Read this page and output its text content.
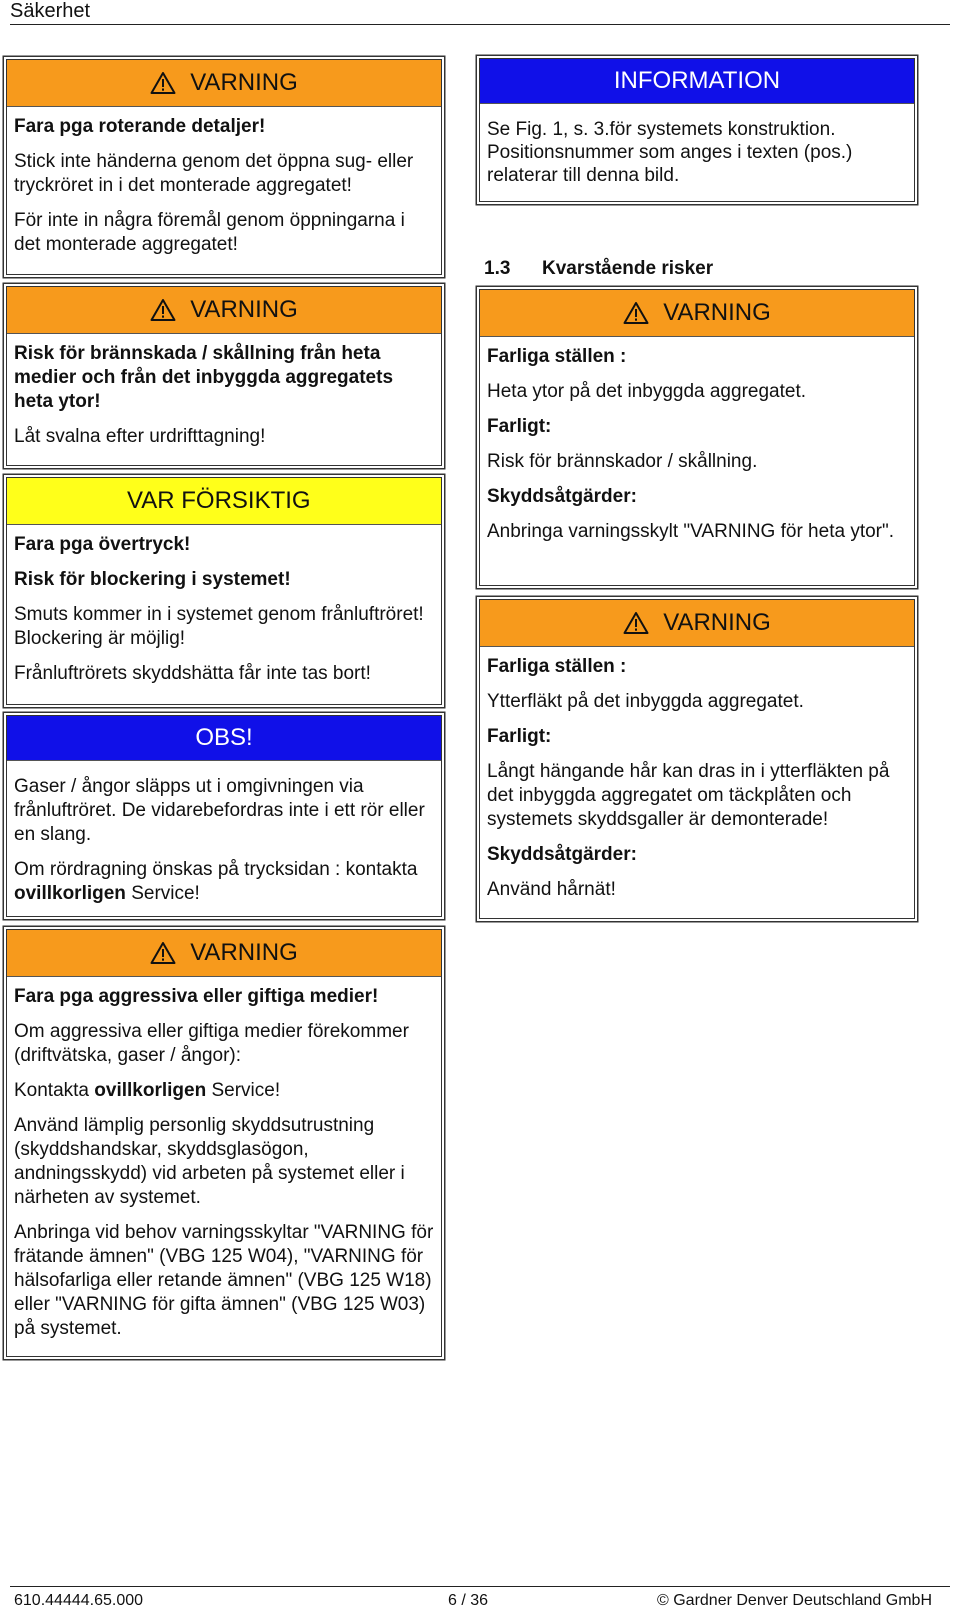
Säkerhet
VARNING

Fara pga roterande detaljer!

Stick inte händerna genom det öppna sug- eller tryckröret in i det monterade aggregatet!

För inte in några föremål genom öppningarna i det monterade aggregatet!

VARNING

Risk för brännskada / skållning från heta medier och från det inbyggda aggregatets heta ytor!

Låt svalna efter urdrifttagning!

VAR FÖRSIKTIG

Fara pga övertryck!

Risk för blockering i systemet!

Smuts kommer in i systemet genom frånluftröret! Blockering är möjlig!

Frånluftrörets skyddshätta får inte tas bort!

OBS!

Gaser / ångor släpps ut i omgivningen via frånluftröret. De vidarebefordras inte i ett rör eller en slang.

Om rördragning önskas på trycksidan : kontakta ovillkorligen Service!

VARNING

Fara pga aggressiva eller giftiga medier!

Om aggressiva eller giftiga medier förekommer (driftvätska, gaser / ångor):

Kontakta ovillkorligen Service!

Använd lämplig personlig skyddsutrustning (skyddshandskar, skyddsglasögon, andningsskydd) vid arbeten på systemet eller i närheten av systemet.

Anbringa vid behov varningsskyltar "VARNING för frätande ämnen" (VBG 125 W04), "VARNING för hälsofarliga eller retande ämnen" (VBG 125 W18) eller "VARNING för gifta ämnen" (VBG 125 W03) på systemet.

INFORMATION

Se Fig. 1, s. 3.för systemets konstruktion. Positionsnummer som anges i texten (pos.) relaterar till denna bild.

1.3 Kvarstående risker
VARNING

Farliga ställen :

Heta ytor på det inbyggda aggregatet.

Farligt:

Risk för brännskador / skållning.

Skyddsåtgärder:

Anbringa varningsskylt "VARNING för heta ytor".

VARNING

Farliga ställen :

Ytterfläkt på det inbyggda aggregatet.

Farligt:

Långt hängande hår kan dras in i ytterfläkten på det inbyggda aggregatet om täckplåten och systemets skyddsgaller är demonterade!

Skyddsåtgärder:

Använd hårnät!

610.44444.65.000	6 / 36	© Gardner Denver Deutschland GmbH
